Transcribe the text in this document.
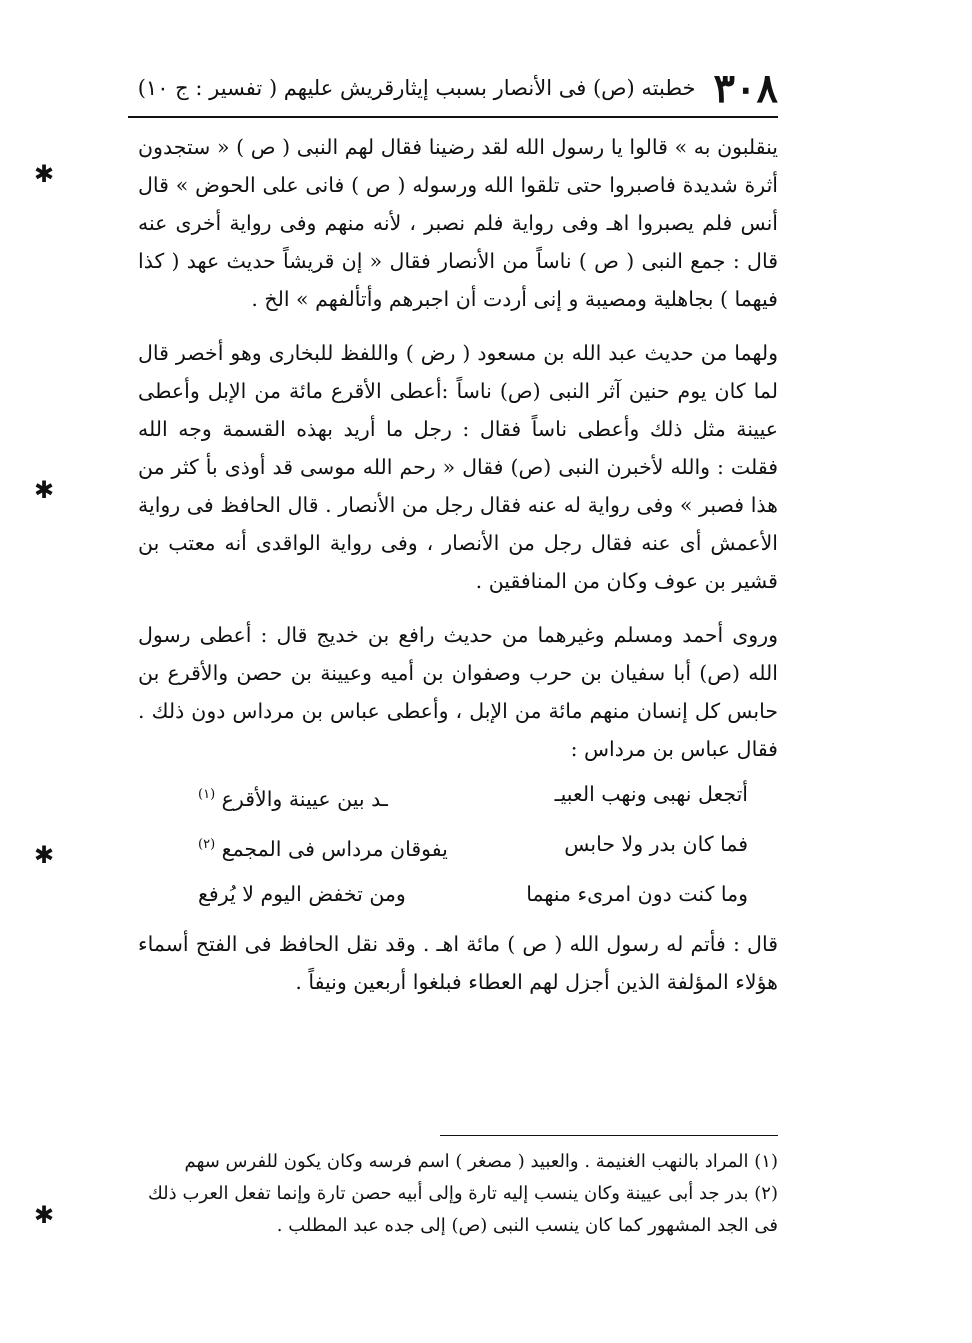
٣٠٨
خطبته (ص) فى الأنصار بسبب إيثارقريش عليهم ( تفسير : ج ١٠)

ينقلبون به » قالوا يا رسول الله لقد رضينا فقال لهم النبى ( ص ) « ستجدون أثرة شديدة فاصبروا حتى تلقوا الله ورسوله ( ص ) فانى على الحوض » قال أنس فلم يصبروا اهـ وفى رواية فلم نصبر ، لأنه منهم وفى رواية أخرى عنه قال : جمع النبى ( ص ) ناساً من الأنصار فقال « إن قريشاً حديث عهد ( كذا فيهما ) بجاهلية ومصيبة و إنى أردت أن اجبرهم وأتألفهم » الخ .

ولهما من حديث عبد الله بن مسعود ( رض ) واللفظ للبخارى وهو أخصر قال لما كان يوم حنين آثر النبى (ص) ناساً :أعطى الأقرع مائة من الإبل وأعطى عيينة مثل ذلك وأعطى ناساً فقال : رجل ما أريد بهذه القسمة وجه الله فقلت : والله لأخبرن النبى (ص) فقال « رحم الله موسى قد أوذى بأ كثر من هذا فصبر » وفى رواية له عنه فقال رجل من الأنصار . قال الحافظ فى رواية الأعمش أى عنه فقال رجل من الأنصار ، وفى رواية الواقدى أنه معتب بن قشير بن عوف وكان من المنافقين .

وروى أحمد ومسلم وغيرهما من حديث رافع بن خديج قال : أعطى رسول الله (ص) أبا سفيان بن حرب وصفوان بن أميه وعيينة بن حصن والأقرع بن حابس كل إنسان منهم مائة من الإبل ، وأعطى عباس بن مرداس دون ذلك . فقال عباس بن مرداس :

أتجعل نهبى ونهب العبيـ
ـد بين عيينة والأقرع $^{(١)}$
فما كان بدر ولا حابس
يفوقان مرداس فى المجمع $^{(٢)}$
وما كنت دون امرىء منهما
ومن تخفض اليوم لا يُرفع

قال : فأتم له رسول الله ( ص ) مائة اهـ . وقد نقل الحافظ فى الفتح أسماء هؤلاء المؤلفة الذين أجزل لهم العطاء فبلغوا أربعين ونيفاً .

(١) المراد بالنهب الغنيمة . والعبيد ( مصغر ) اسم فرسه وكان يكون للفرس سهم

(٢) بدر جد أبى عيينة وكان ينسب إليه تارة وإلى أبيه حصن تارة وإنما تفعل العرب ذلك فى الجد المشهور كما كان ينسب النبى (ص) إلى جده عبد المطلب .

✱
✱
✱
✱
